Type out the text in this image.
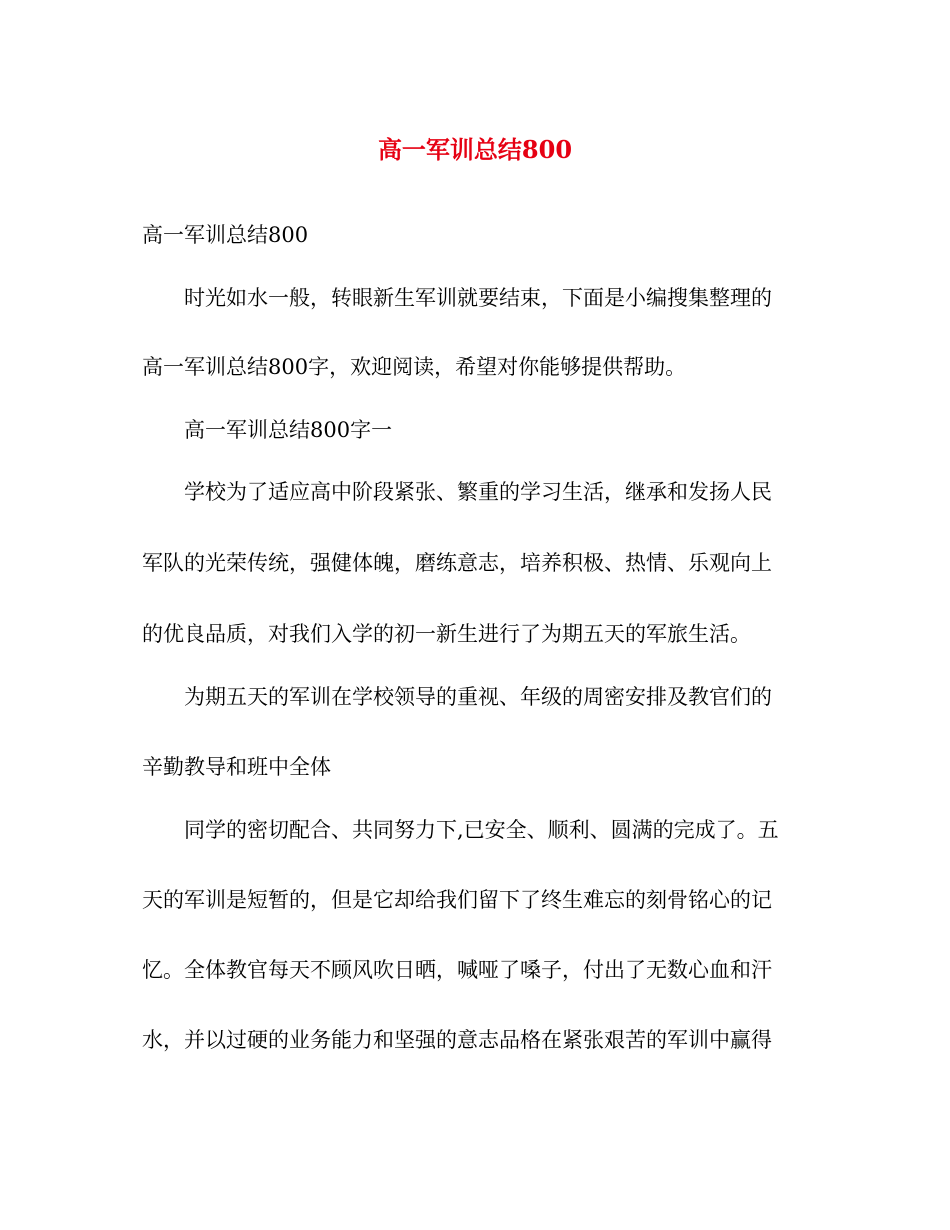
高一军训总结800
高一军训总结800
时光如水一般，转眼新生军训就要结束，下面是小编搜集整理的
高一军训总结800字，欢迎阅读，希望对你能够提供帮助。
高一军训总结800字一
学校为了适应高中阶段紧张、繁重的学习生活，继承和发扬人民
军队的光荣传统，强健体魄，磨练意志，培养积极、热情、乐观向上
的优良品质，对我们入学的初一新生进行了为期五天的军旅生活。
为期五天的军训在学校领导的重视、年级的周密安排及教官们的
辛勤教导和班中全体
同学的密切配合、共同努力下,已安全、顺利、圆满的完成了。五
天的军训是短暂的，但是它却给我们留下了终生难忘的刻骨铭心的记
忆。全体教官每天不顾风吹日晒，喊哑了嗓子，付出了无数心血和汗
水，并以过硬的业务能力和坚强的意志品格在紧张艰苦的军训中赢得
